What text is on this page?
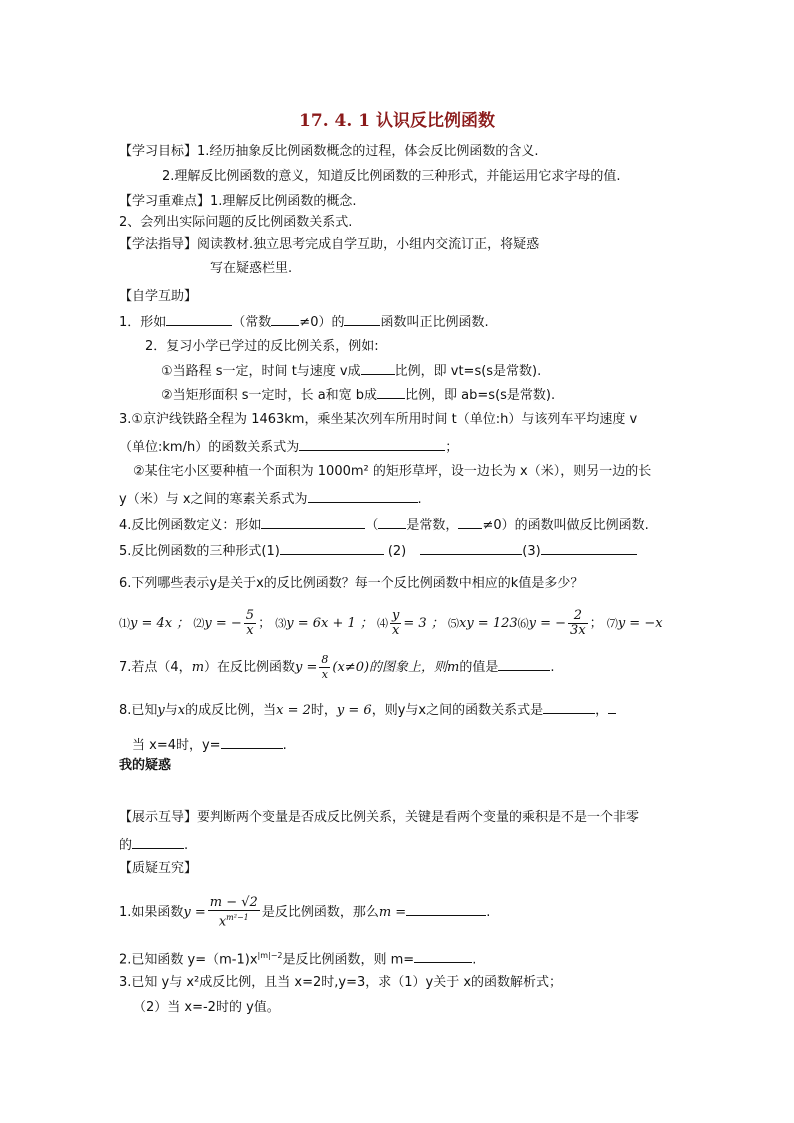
17. 4. 1 认识反比例函数
【学习目标】1.经历抽象反比例函数概念的过程，体会反比例函数的含义.
2.理解反比例函数的意义，知道反比例函数的三种形式，并能运用它求字母的值.
【学习重难点】1.理解反比例函数的概念.
2、会列出实际问题的反比例函数关系式.
【学法指导】阅读教材.独立思考完成自学互助，小组内交流订正，将疑惑
写在疑惑栏里.
【自学互助】
1．形如	（常数 ≠0）的	函数叫正比例函数.
2．复习小学已学过的反比例关系，例如:
①当路程 s一定，时间 t与速度 v成	比例，即 vt=s(s是常数).
②当矩形面积 s一定时，长 a和宽 b成 比例，即 ab=s(s是常数).
3.①京沪线铁路全程为 1463km，乘坐某次列车所用时间 t（单位:h）与该列车平均速度 v
（单位:km/h）的函数关系式为	；
②某住宅小区要种植一个面积为 1000m² 的矩形草坪，设一边长为 x（米），则另一边的长
y（米）与 x之间的寒素关系式为	.
4.反比例函数定义：形如	（ 是常数， ≠0）的函数叫做反比例函数.
5.反比例函数的三种形式(1)	(2)	(3)
6.下列哪些表示y是关于x的反比例函数？每一个反比例函数中相应的k值是多少？
⑴y = 4x ； ⑵y = − $\frac{5}{x}$ ； ⑶y = 6x + 1 ； ⑷ $\frac{y}{x} = 3$ ； ⑸xy = 123⑹y = − $\frac{2}{3x}$ ； ⑺y = −x
7.若点（4，m）在反比例函数$y = \frac{8}{x} (x\ne 0)$的图象上，则m的值是	.
8.已知y与x的成反比例，当x = 2时，y = 6，则y与x之间的函数关系式是	，
当 x=4时，y=	.
我的疑惑
【展示互导】要判断两个变量是否成反比例关系，关键是看两个变量的乘积是不是一个非零
的	.
【质疑互究】
1.如果函数$y = \frac{m - √2}{x^{m^2-1}}$ 是反比例函数，那么m =	.
2.已知函数 $y=(m-1)x^{|m|-2}$是反比例函数，则 m=	.
3.已知 y与 x²成反比例，且当 x=2时,y=3，求（1）y关于 x的函数解析式；
（2）当 x=-2时的 y值。
